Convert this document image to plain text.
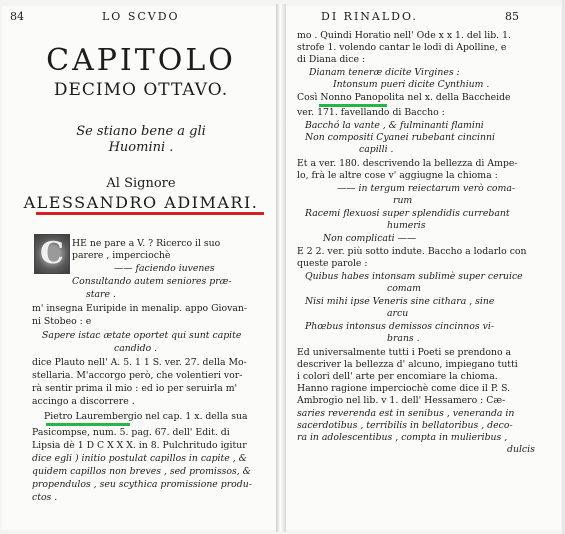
84	LO SCVDO
CAPITOLO
DECIMO OTTAVO.
Se stiano bene a gli
Huomini .
Al Signore
ALESSANDRO ADIMARI.
C HE ne pare a V. ? Ricerco il suo
parere , imperciochè
—— faciendo iuvenes
Consultando autem seniores præ-
stare .
m' insegna Euripide in menalip. appo Giovan-
ni Stobeo : e
Sapere istac ætate oportet qui sunt capite
candido .
dice Plauto nell' A. 5. 1 1 S. ver. 27. della Mo-
stellaria. M'accorgo però, che volentieri vor-
rà sentir prima il mio : ed io per seruirla m'
accingo a discorrere .
Pietro Laurembergio nel cap. 1 x. della sua
Pasicompse, num. 5. pag. 67. dell' Edit. di
Lipsia dè 1 D C X X X. in 8. Pulchritudo igitur
dice egli ) initio postulat capillos in capite , &
quidem capillos non breves , sed promissos, &
propendulos , seu scythica promissione produ-
ctos .
DI RINALDO.	85
mo . Quindi Horatio nell' Ode x x 1. del lib. 1.
strofe 1. volendo cantar le lodi di Apolline, e
di Diana dice :
Dianam teneræ dicite Virgines :
Intonsum pueri dicite Cynthium .
Così Nonno Panopolita nel x. della Baccheide
ver. 171. favellando di Baccho :
Bacchó la vante , & fulminanti flamini
Non compositi Cyanei rubebant cincinni
capilli .
Et a ver. 180. descrivendo la bellezza di Ampe-
lo, frà le altre cose v' aggiugne la chioma :
—— in tergum reiectarum verò coma-
rum
Racemi flexuosi super splendidis currebant
humeris
Non complicati ——
E 2 2. ver. più sotto indute. Baccho a lodarlo con
queste parole :
Quibus habes intonsam sublimè super ceruice
comam
Nisi mihi ipse Veneris sine cithara , sine
arcu
Phœbus intonsus demissos cincinnos vi-
brans .
Ed universalmente tutti i Poeti se prendono a
descriver la bellezza d' alcuno, impiegano tutti
i colori dell' arte per encomiare la chioma.
Hanno ragione imperciochè come dice il P. S.
Ambrogio nel lib. v 1. dell' Hessamero : Cæ-
saries reverenda est in senibus , veneranda in
sacerdotibus , terribilis in bellatoribus , deco-
ra in adolescentibus , compta in mulieribus ,
dulcis
